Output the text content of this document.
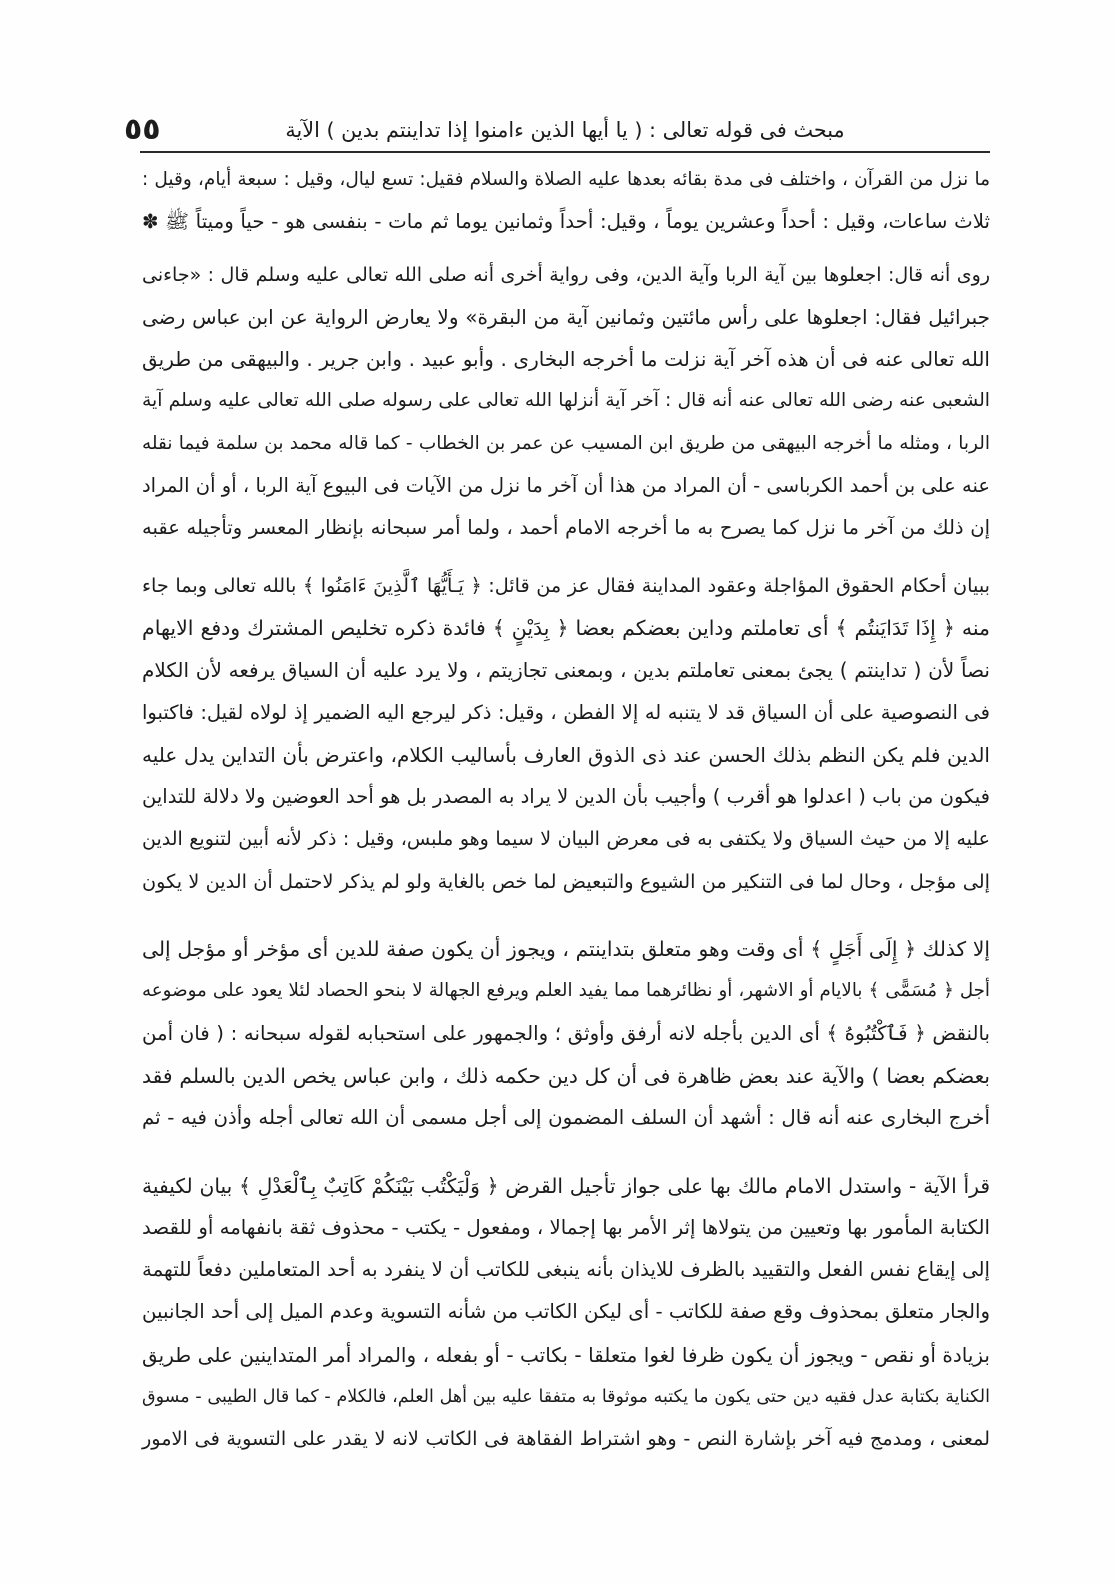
٥٥	مبحث فى قوله تعالى : ( يا أيها الذين ءامنوا إذا تداينتم بدين ) الآية
ما نزل من القرآن ، واختلف فى مدة بقائه بعدها عليه الصلاة والسلام فقيل: تسع ليال، وقيل : سبعة أيام، وقيل :
ثلاث ساعات، وقيل : أحداً وعشرين يوماً ، وقيل: أحداً وثمانين يوما ثم مات - بنفسى هو - حياً وميتاً ﷺ ✽
روى أنه قال: اجعلوها بين آية الربا وآية الدين، وفى رواية أخرى أنه صلى الله تعالى عليه وسلم قال : «جاءنى
جبرائيل فقال: اجعلوها على رأس مائتين وثمانين آية من البقرة» ولا يعارض الرواية عن ابن عباس رضى
الله تعالى عنه فى أن هذه آخر آية نزلت ما أخرجه البخارى . وأبو عبيد . وابن جرير . والبيهقى من طريق
الشعبى عنه رضى الله تعالى عنه أنه قال : آخر آية أنزلها الله تعالى على رسوله صلى الله تعالى عليه وسلم آية
الربا ، ومثله ما أخرجه البيهقى من طريق ابن المسيب عن عمر بن الخطاب - كما قاله محمد بن سلمة فيما نقله
عنه على بن أحمد الكرباسى - أن المراد من هذا أن آخر ما نزل من الآيات فى البيوع آية الربا ، أو أن المراد
إن ذلك من آخر ما نزل كما يصرح به ما أخرجه الامام أحمد ، ولما أمر سبحانه بإنظار المعسر وتأجيله عقبه
ببيان أحكام الحقوق المؤاجلة وعقود المداينة فقال عز من قائل: ﴿ يَـأَيُّهَا ٱلَّذِينَ ءَامَنُوا ﴾ بالله تعالى وبما جاء
منه ﴿ إِذَا تَدَايَنتُم ﴾ أى تعاملتم وداين بعضكم بعضا ﴿ بِدَيْنٍ ﴾ فائدة ذكره تخليص المشترك ودفع الايهام
نصاً لأن ( تداينتم ) يجئ بمعنى تعاملتم بدين ، وبمعنى تجازيتم ، ولا يرد عليه أن السياق يرفعه لأن الكلام
فى النصوصية على أن السياق قد لا يتنبه له إلا الفطن ، وقيل: ذكر ليرجع اليه الضمير إذ لولاه لقيل: فاكتبوا
الدين فلم يكن النظم بذلك الحسن عند ذى الذوق العارف بأساليب الكلام، واعترض بأن التداين يدل عليه
فيكون من باب ( اعدلوا هو أقرب ) وأجيب بأن الدين لا يراد به المصدر بل هو أحد العوضين ولا دلالة للتداين
عليه إلا من حيث السياق ولا يكتفى به فى معرض البيان لا سيما وهو ملبس، وقيل : ذكر لأنه أبين لتنويع الدين
إلى مؤجل ، وحال لما فى التنكير من الشيوع والتبعيض لما خص بالغاية ولو لم يذكر لاحتمل أن الدين لا يكون
إلا كذلك ﴿ إِلَى أَجَلٍ ﴾ أى وقت وهو متعلق بتداينتم ، ويجوز أن يكون صفة للدين أى مؤخر أو مؤجل إلى
أجل ﴿ مُسَمًّى ﴾ بالايام أو الاشهر، أو نظائرهما مما يفيد العلم ويرفع الجهالة لا بنحو الحصاد لئلا يعود على موضوعه
بالنقض ﴿ فَٱكْتُبُوهُ ﴾ أى الدين بأجله لانه أرفق وأوثق ؛ والجمهور على استحبابه لقوله سبحانه : ( فان أمن
بعضكم بعضا ) والآية عند بعض ظاهرة فى أن كل دين حكمه ذلك ، وابن عباس يخص الدين بالسلم فقد
أخرج البخارى عنه أنه قال : أشهد أن السلف المضمون إلى أجل مسمى أن الله تعالى أجله وأذن فيه - ثم
قرأ الآية - واستدل الامام مالك بها على جواز تأجيل القرض ﴿ وَلْيَكْتُب بَيْنَكُمْ كَاتِبٌ بِٱلْعَدْلِ ﴾ بيان لكيفية
الكتابة المأمور بها وتعيين من يتولاها إثر الأمر بها إجمالا ، ومفعول - يكتب - محذوف ثقة بانفهامه أو للقصد
إلى إيقاع نفس الفعل والتقييد بالظرف للايذان بأنه ينبغى للكاتب أن لا ينفرد به أحد المتعاملين دفعاً للتهمة
والجار متعلق بمحذوف وقع صفة للكاتب - أى ليكن الكاتب من شأنه التسوية وعدم الميل إلى أحد الجانبين
بزيادة أو نقص - ويجوز أن يكون ظرفا لغوا متعلقا - بكاتب - أو بفعله ، والمراد أمر المتداينين على طريق
الكناية بكتابة عدل فقيه دين حتى يكون ما يكتبه موثوقا به متفقا عليه بين أهل العلم، فالكلام - كما قال الطيبى - مسوق
لمعنى ، ومدمج فيه آخر بإشارة النص - وهو اشتراط الفقاهة فى الكاتب لانه لا يقدر على التسوية فى الامور
